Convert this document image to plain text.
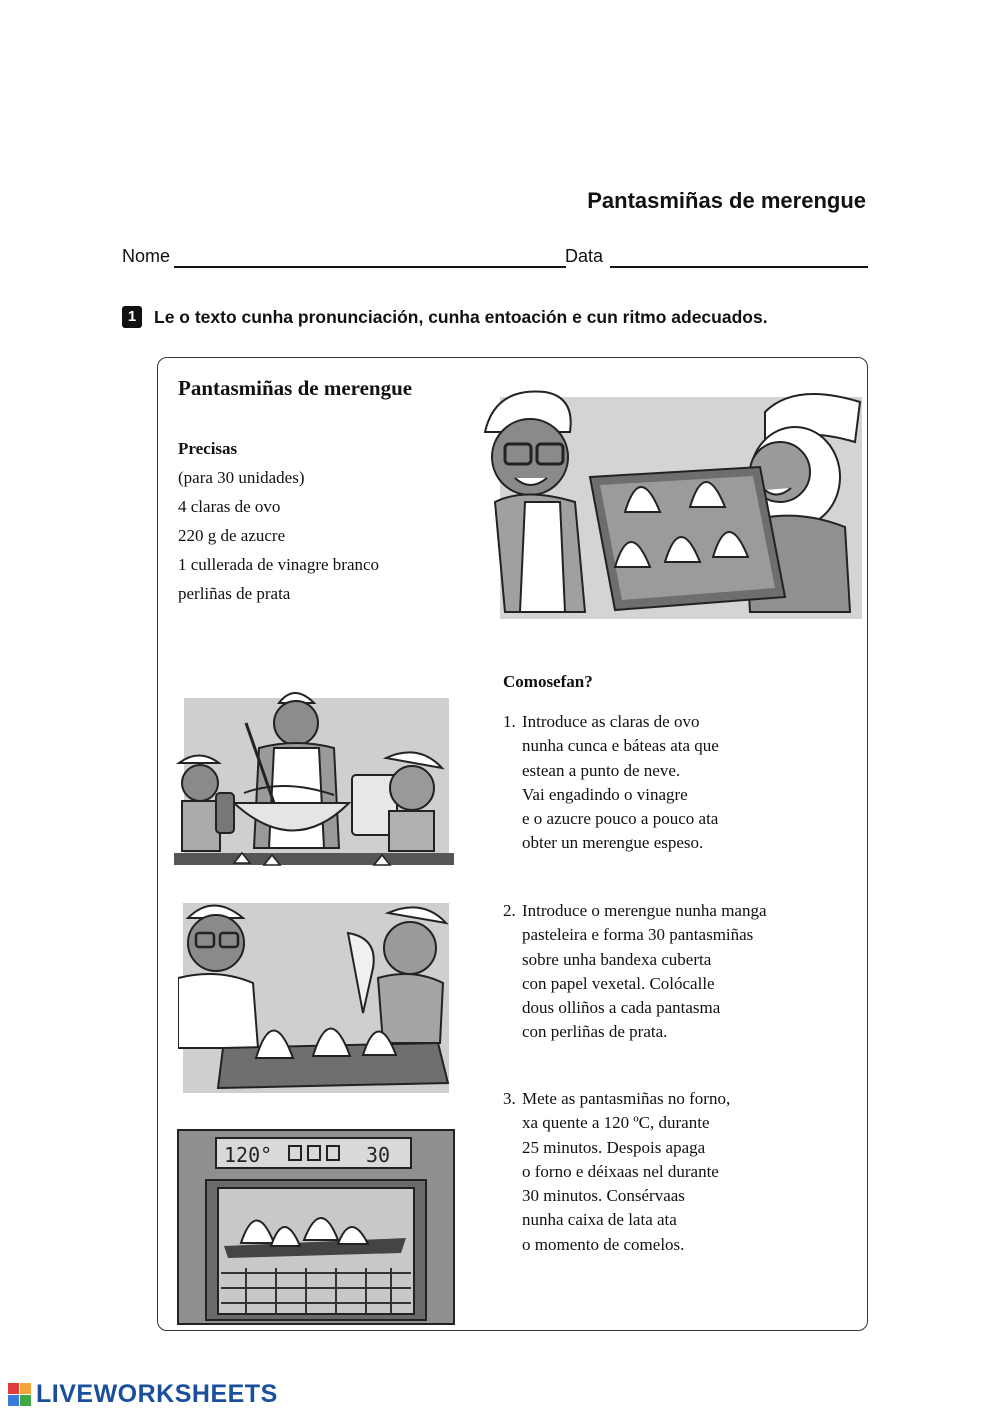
Pantasmiñas de merengue
Nome	Data
1 Le o texto cunha pronunciación, cunha entoación e cun ritmo adecuados.
Pantasmiñas de merengue
Precisas
(para 30 unidades)
4 claras de ovo
220 g de azucre
1 cullerada de vinagre branco
perliñas de prata
Comosefan?
1. Introduce as claras de ovo
nunha cunca e báteas ata que
estean a punto de neve.
Vai engadindo o vinagre
e o azucre pouco a pouco ata
obter un merengue espeso.
2. Introduce o merengue nunha manga
pasteleira e forma 30 pantasmiñas
sobre unha bandexa cuberta
con papel vexetal. Colócalle
dous olliños a cada pantasma
con perliñas de prata.
3. Mete as pantasmiñas no forno,
xa quente a 120 ºC, durante
25 minutos. Despois apaga
o forno e déixaas nel durante
30 minutos. Consérvaas
nunha caixa de lata ata
o momento de comelos.
120°	30
LIVEWORKSHEETS
